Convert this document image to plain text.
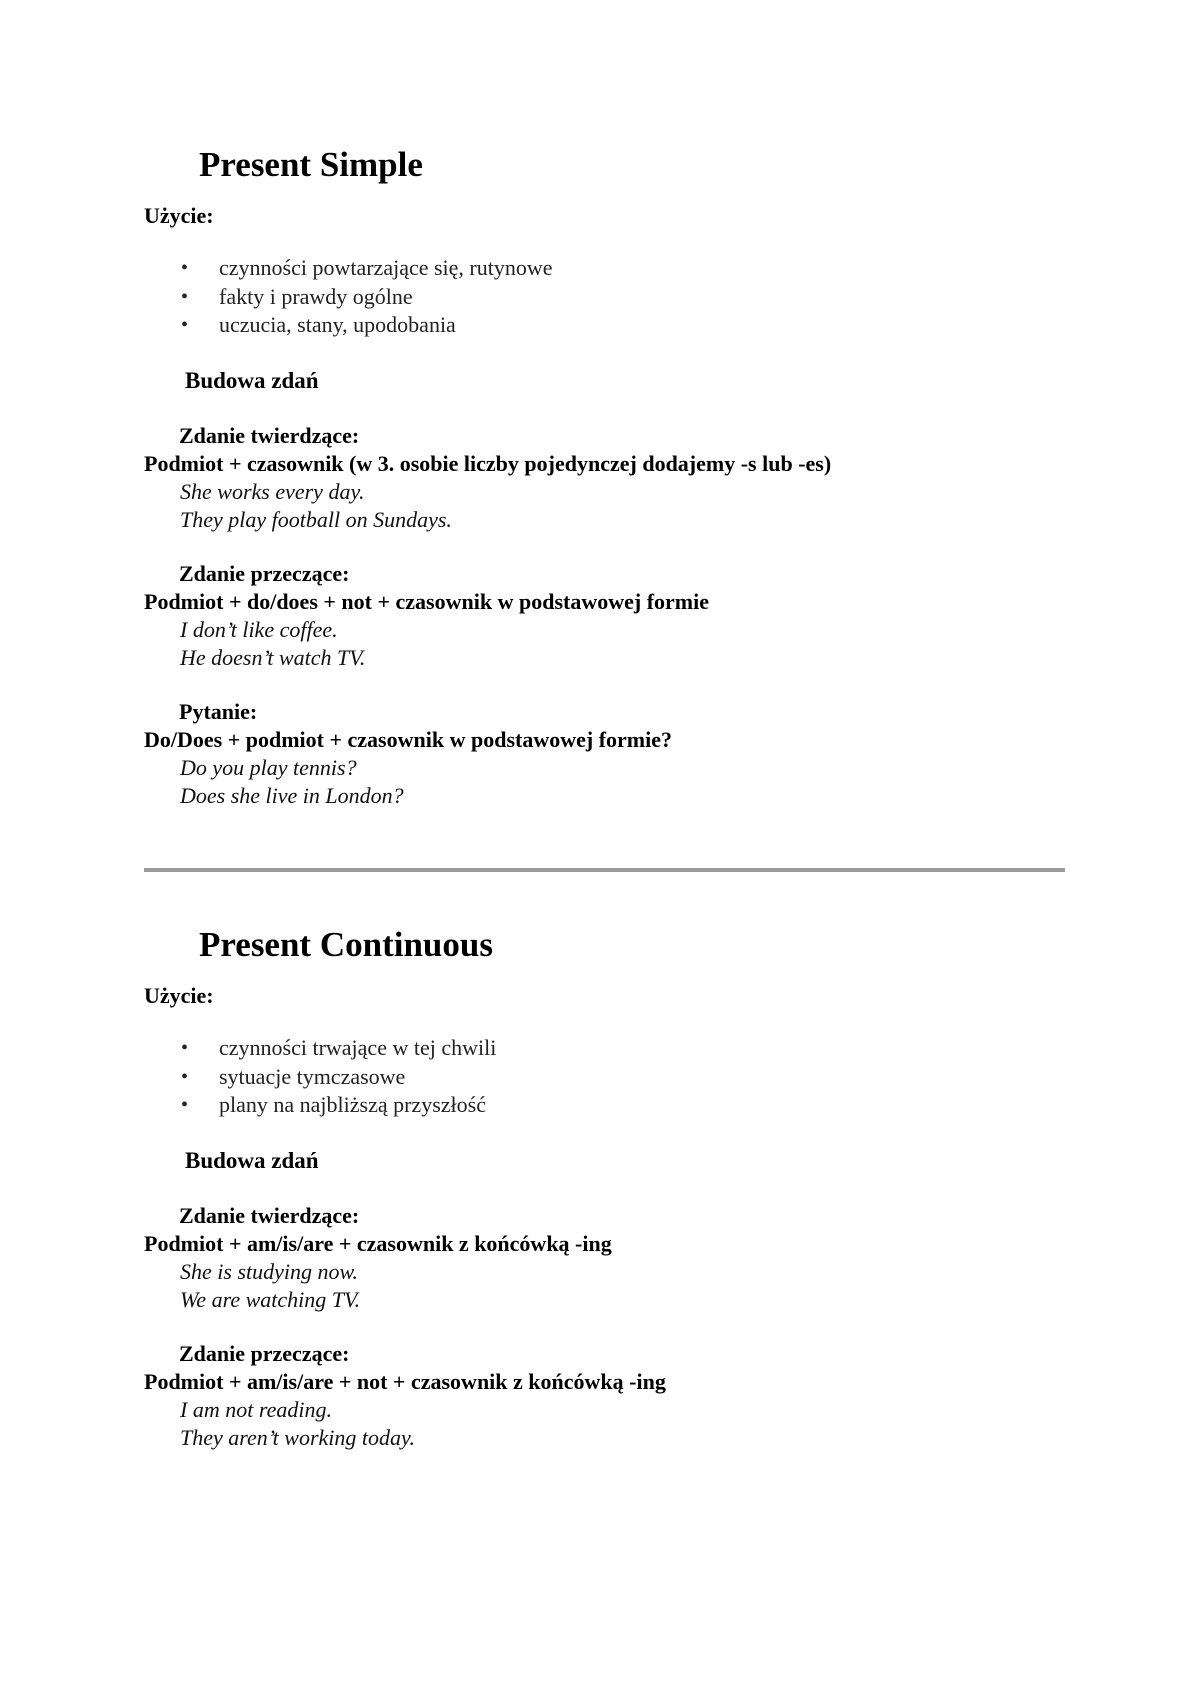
Present Simple

Użycie:

• czynności powtarzające się, rutynowe
• fakty i prawdy ogólne
• uczucia, stany, upodobania
Budowa zdań
Zdanie twierdzące:
Podmiot + czasownik (w 3. osobie liczby pojedynczej dodajemy -s lub -es)
She works every day.
They play football on Sundays.
Zdanie przeczące:
Podmiot + do/does + not + czasownik w podstawowej formie
I don’t like coffee.
He doesn’t watch TV.
Pytanie:
Do/Does + podmiot + czasownik w podstawowej formie?
Do you play tennis?
Does she live in London?
Present Continuous

Użycie:

• czynności trwające w tej chwili
• sytuacje tymczasowe
• plany na najbliższą przyszłość
Budowa zdań
Zdanie twierdzące:
Podmiot + am/is/are + czasownik z końcówką -ing
She is studying now.
We are watching TV.
Zdanie przeczące:
Podmiot + am/is/are + not + czasownik z końcówką -ing
I am not reading.
They aren’t working today.
